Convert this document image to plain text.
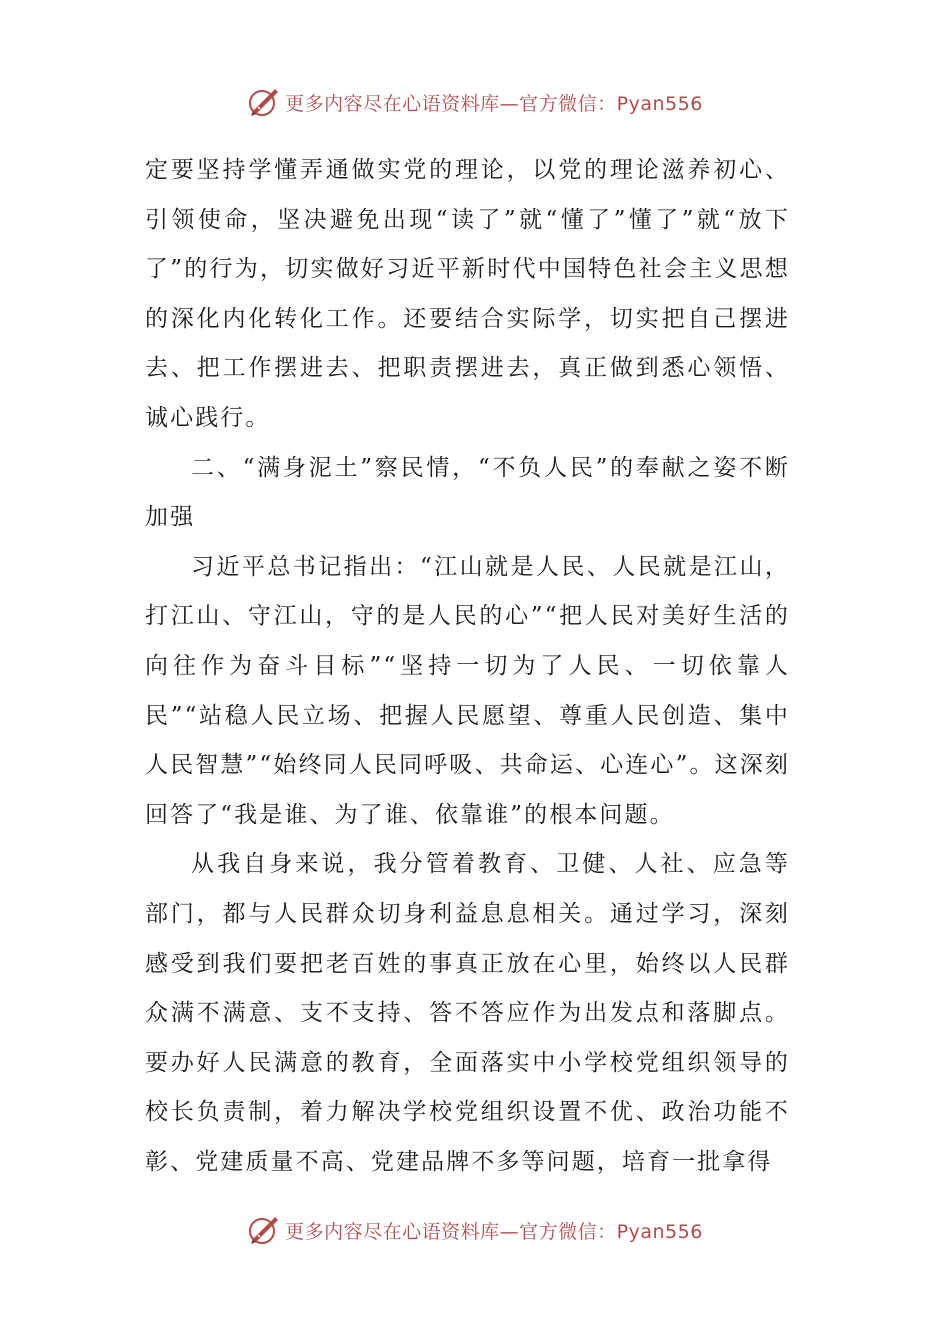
更多内容尽在心语资料库 —官方微信：Pyan556

定要坚持学懂弄通做实党的理论，以党的理论滋养初心、引领使命，坚决避免出现“读了”就“懂了”懂了”就“放下了”的行为，切实做好习近平新时代中国特色社会主义思想的深化内化转化工作。还要结合实际学，切实把自己摆进去、把工作摆进去、把职责摆进去，真正做到悉心领悟、诚心践行。

二、“满身泥土”察民情，“不负人民”的奉献之姿不断加强

习近平总书记指出：“江山就是人民、人民就是江山，打江山、守江山，守的是人民的心”“把人民对美好生活的向往作为奋斗目标”“坚持一切为了人民、一切依靠人民”“站稳人民立场、把握人民愿望、尊重人民创造、集中人民智慧”“始终同人民同呼吸、共命运、心连心”。这深刻回答了“我是谁、为了谁、依靠谁”的根本问题。

从我自身来说，我分管着教育、卫健、人社、应急等部门，都与人民群众切身利益息息相关。通过学习，深刻感受到我们要把老百姓的事真正放在心里，始终以人民群众满不满意、支不支持、答不答应作为出发点和落脚点。要办好人民满意的教育，全面落实中小学校党组织领导的校长负责制，着力解决学校党组织设置不优、政治功能不彰、党建质量不高、党建品牌不多等问题，培育一批拿得

更多内容尽在心语资料库 —官方微信：Pyan556
